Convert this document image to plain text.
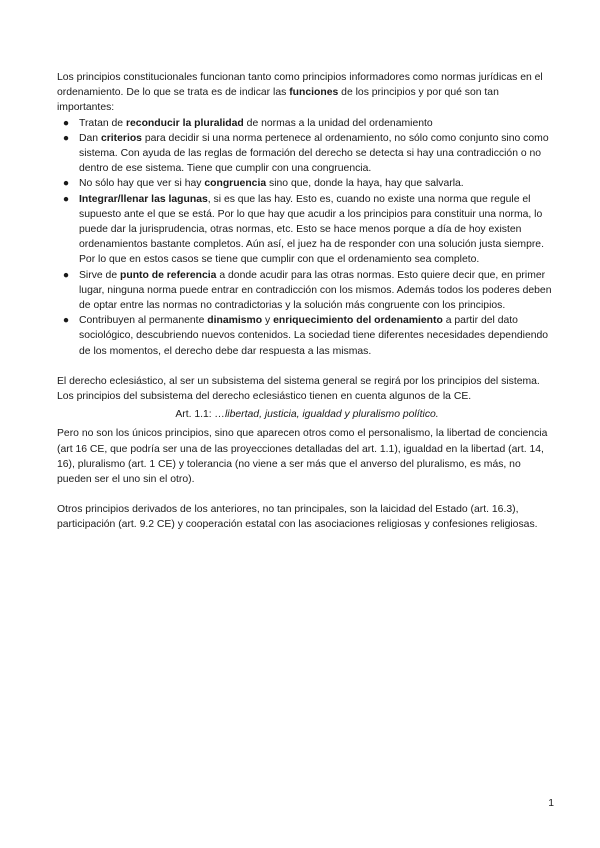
Los principios constitucionales funcionan tanto como principios informadores como normas jurídicas en el ordenamiento. De lo que se trata es de indicar las funciones de los principios y por qué son tan importantes:

● Tratan de reconducir la pluralidad de normas a la unidad del ordenamiento
● Dan criterios para decidir si una norma pertenece al ordenamiento, no sólo como conjunto sino como sistema. Con ayuda de las reglas de formación del derecho se detecta si hay una contradicción o no dentro de ese sistema. Tiene que cumplir con una congruencia.
● No sólo hay que ver si hay congruencia sino que, donde la haya, hay que salvarla.
● Integrar/llenar las lagunas, si es que las hay. Esto es, cuando no existe una norma que regule el supuesto ante el que se está. Por lo que hay que acudir a los principios para constituir una norma, lo puede dar la jurisprudencia, otras normas, etc. Esto se hace menos porque a día de hoy existen ordenamientos bastante completos. Aún así, el juez ha de responder con una solución justa siempre. Por lo que en estos casos se tiene que cumplir con que el ordenamiento sea completo.
● Sirve de punto de referencia a donde acudir para las otras normas. Esto quiere decir que, en primer lugar, ninguna norma puede entrar en contradicción con los mismos. Además todos los poderes deben de optar entre las normas no contradictorias y la solución más congruente con los principios.
● Contribuyen al permanente dinamismo y enriquecimiento del ordenamiento a partir del dato sociológico, descubriendo nuevos contenidos. La sociedad tiene diferentes necesidades dependiendo de los momentos, el derecho debe dar respuesta a las mismas.

El derecho eclesiástico, al ser un subsistema del sistema general se regirá por los principios del sistema. Los principios del subsistema del derecho eclesiástico tienen en cuenta algunos de la CE.

Art. 1.1: …libertad, justicia, igualdad y pluralismo político.

Pero no son los únicos principios, sino que aparecen otros como el personalismo, la libertad de conciencia (art 16 CE, que podría ser una de las proyecciones detalladas del art. 1.1), igualdad en la libertad (art. 14, 16), pluralismo (art. 1 CE) y tolerancia (no viene a ser más que el anverso del pluralismo, es más, no pueden ser el uno sin el otro).

Otros principios derivados de los anteriores, no tan principales, son la laicidad del Estado (art. 16.3), participación (art. 9.2 CE) y cooperación estatal con las asociaciones religiosas y confesiones religiosas.

1
